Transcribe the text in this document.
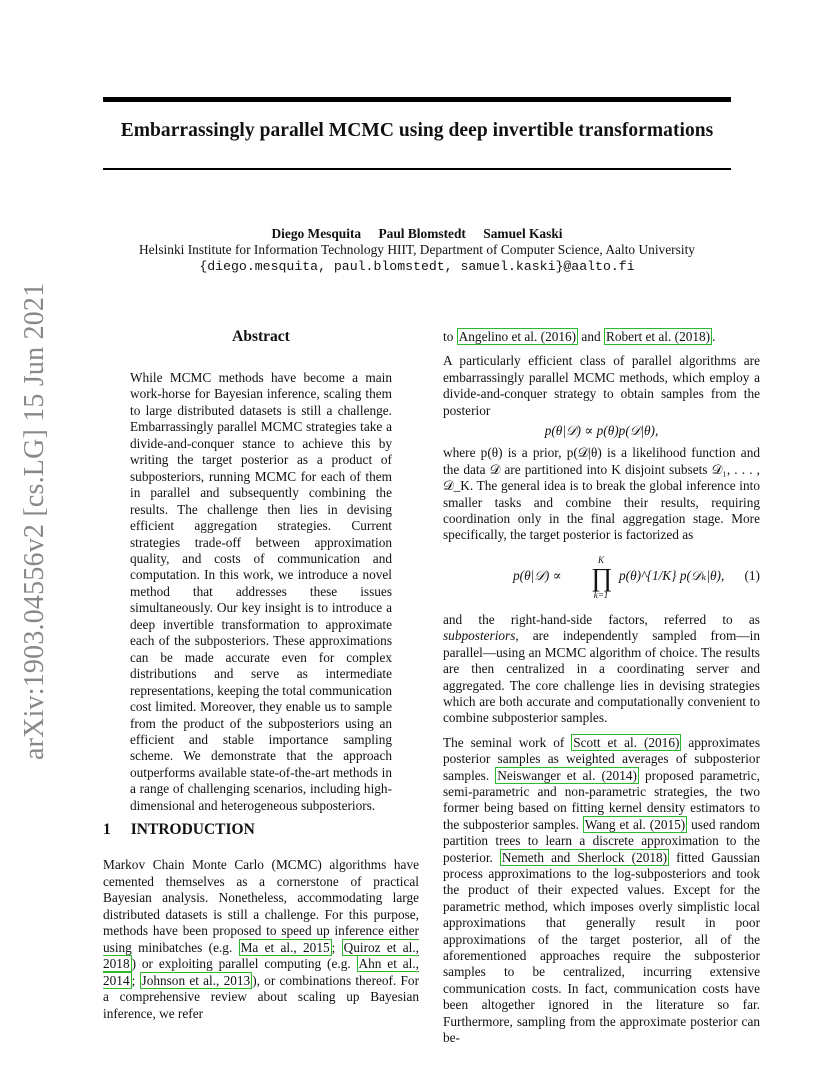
Embarrassingly parallel MCMC using deep invertible transformations
Diego Mesquita Paul Blomstedt Samuel Kaski
Helsinki Institute for Information Technology HIIT, Department of Computer Science, Aalto University
{diego.mesquita, paul.blomstedt, samuel.kaski}@aalto.fi
arXiv:1903.04556v2 [cs.LG] 15 Jun 2021	Abstract
While MCMC methods have become a main work-horse for Bayesian inference, scaling them to large distributed datasets is still a challenge. Embarrassingly parallel MCMC strategies take a divide-and-conquer stance to achieve this by writing the target posterior as a product of subposteriors, running MCMC for each of them in parallel and subsequently combining the results. The challenge then lies in devising efficient aggregation strategies. Current strategies trade-off between approximation quality, and costs of communication and computation. In this work, we introduce a novel method that addresses these issues simultaneously. Our key insight is to introduce a deep invertible transformation to approximate each of the subposteriors. These approximations can be made accurate even for complex distributions and serve as intermediate representations, keeping the total communication cost limited. Moreover, they enable us to sample from the product of the subposteriors using an efficient and stable importance sampling scheme. We demonstrate that the approach outperforms available state-of-the-art methods in a range of challenging scenarios, including high-dimensional and heterogeneous subposteriors.
1 INTRODUCTION
Markov Chain Monte Carlo (MCMC) algorithms have cemented themselves as a cornerstone of practical Bayesian analysis. Nonetheless, accommodating large distributed datasets is still a challenge. For this purpose, methods have been proposed to speed up inference either using minibatches (e.g. Ma et al., 2015 ; Quiroz et al., 2018 ) or exploiting parallel computing (e.g. Ahn et al., 2014 ; Johnson et al., 2013 ), or combinations thereof. For a comprehensive review about scaling up Bayesian inference, we refer

to Angelino et al. (2016) and Robert et al. (2018) .

A particularly efficient class of parallel algorithms are embarrassingly parallel MCMC methods, which employ a divide-and-conquer strategy to obtain samples from the posterior

p(θ|𝒟) ∝ p(θ)p(𝒟|θ),

where p(θ) is a prior, p(𝒟|θ) is a likelihood function and the data 𝒟 are partitioned into K disjoint subsets 𝒟₁, . . . , 𝒟_K. The general idea is to break the global inference into smaller tasks and combine their results, requiring coordination only in the final aggregation stage. More specifically, the target posterior is factorized as

p(θ|𝒟) ∝
K
∏
k=1
p(θ)^{1/K} p(𝒟ₖ|θ), (1)

and the right-hand-side factors, referred to as subposteriors, are independently sampled from—in parallel—using an MCMC algorithm of choice. The results are then centralized in a coordinating server and aggregated. The core challenge lies in devising strategies which are both accurate and computationally convenient to combine subposterior samples.

The seminal work of Scott et al. (2016) approximates posterior samples as weighted averages of subposterior samples. Neiswanger et al. (2014) proposed parametric, semi-parametric and non-parametric strategies, the two former being based on fitting kernel density estimators to the subposterior samples. Wang et al. (2015) used random partition trees to learn a discrete approximation to the posterior. Nemeth and Sherlock (2018) fitted Gaussian process approximations to the log-subposteriors and took the product of their expected values. Except for the parametric method, which imposes overly simplistic local approximations that generally result in poor approximations of the target posterior, all of the aforementioned approaches require the subposterior samples to be centralized, incurring extensive communication costs. In fact, communication costs have been altogether ignored in the literature so far. Furthermore, sampling from the approximate posterior can be-
